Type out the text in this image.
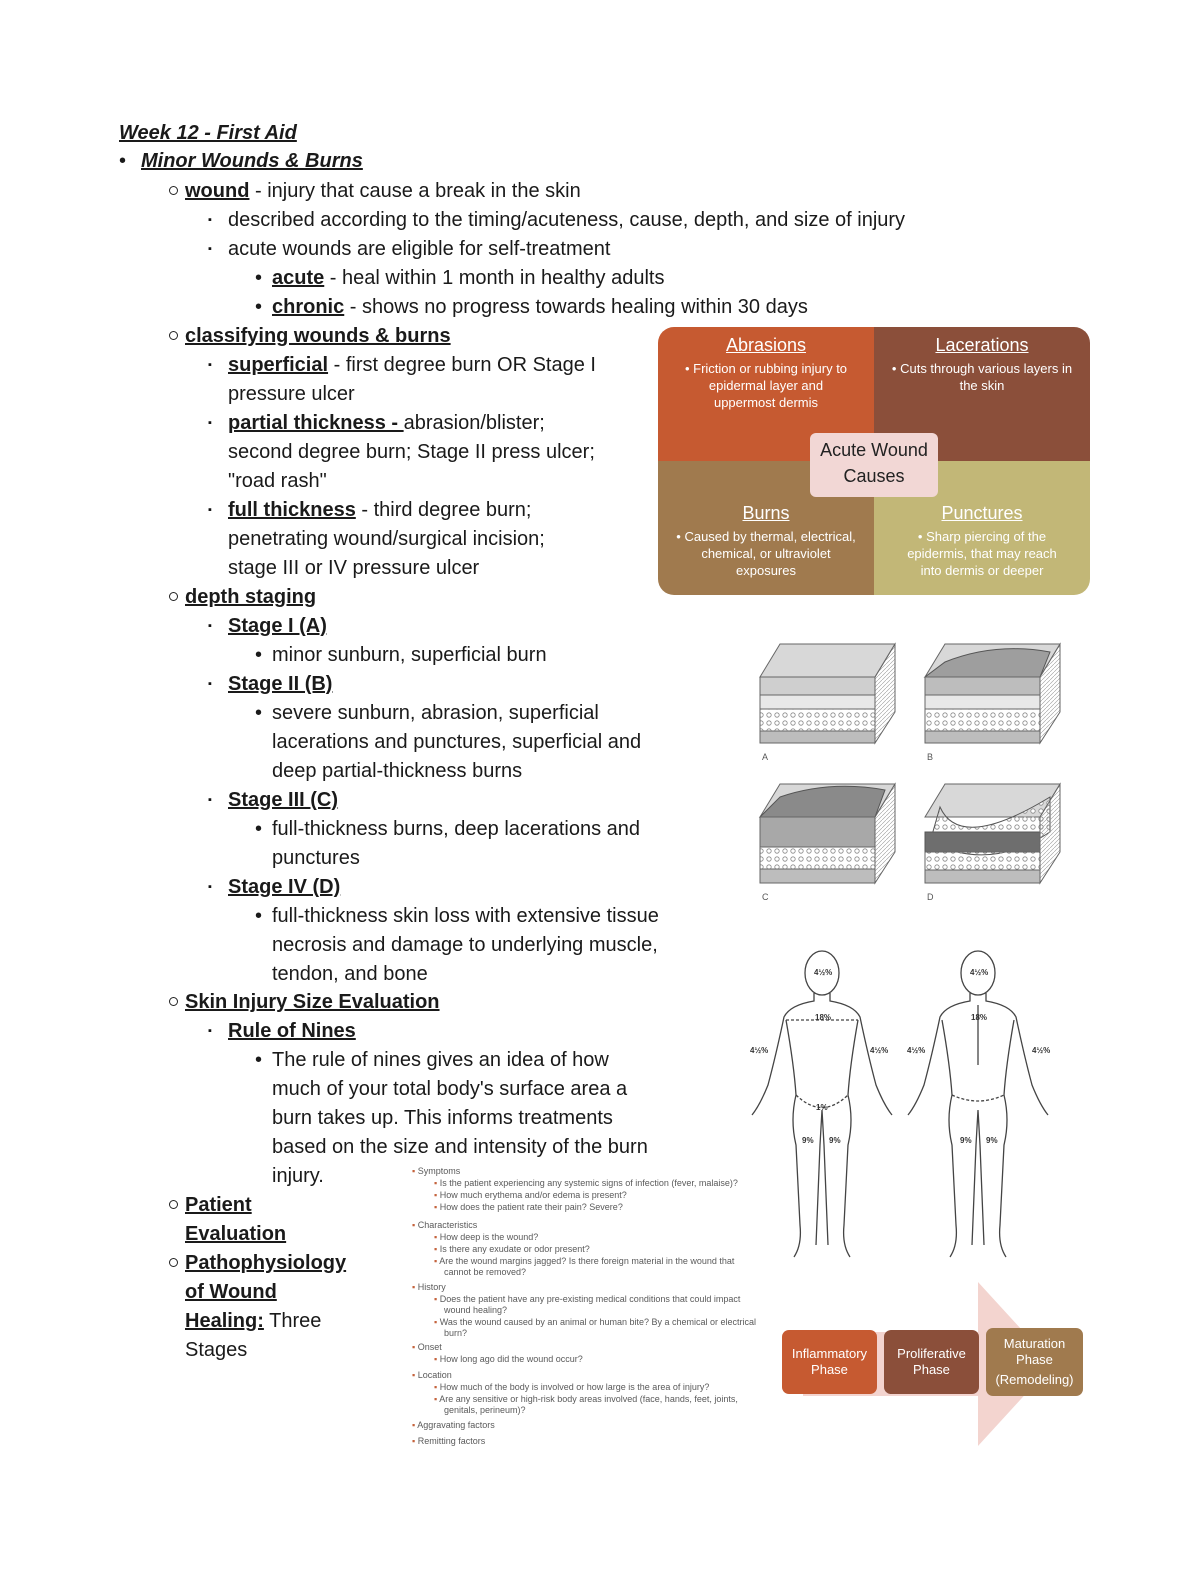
Week 12 - First Aid
• Minor Wounds & Burns
wound - injury that cause a break in the skin
▪ described according to the timing/acuteness, cause, depth, and size of injury
▪ acute wounds are eligible for self-treatment
• acute - heal within 1 month in healthy adults
• chronic - shows no progress towards healing within 30 days
classifying wounds & burns
▪ superficial - first degree burn OR Stage I
pressure ulcer
▪ partial thickness - abrasion/blister;
second degree burn; Stage II press ulcer;
"road rash"
▪ full thickness - third degree burn;
penetrating wound/surgical incision;
stage III or IV pressure ulcer
depth staging
▪ Stage I (A)
• minor sunburn, superficial burn
▪ Stage II (B)
• severe sunburn, abrasion, superficial
lacerations and punctures, superficial and
deep partial-thickness burns
▪ Stage III (C)
• full-thickness burns, deep lacerations and
punctures
▪ Stage IV (D)
• full-thickness skin loss with extensive tissue
necrosis and damage to underlying muscle,
tendon, and bone
Skin Injury Size Evaluation
▪ Rule of Nines
• The rule of nines gives an idea of how
much of your total body's surface area a
burn takes up. This informs treatments
based on the size and intensity of the burn
injury.
Patient
Evaluation
Pathophysiology
of Wound
Healing: Three
Stages
Abrasions
• Friction or rubbing injury to
epidermal layer and
uppermost dermis
Lacerations
• Cuts through various layers in
the skin
Burns
• Caused by thermal, electrical,
chemical, or ultraviolet
exposures
Punctures
• Sharp piercing of the
epidermis, that may reach
into dermis or deeper
Acute Wound
Causes
A	B
C	D
4½%	4½%
18%	18%
4½%	4½% 4½%	4½%
1%
9% 9%	9% 9%
▪ Symptoms
▪ Is the patient experiencing any systemic signs of infection (fever, malaise)?
▪ How much erythema and/or edema is present?
▪ How does the patient rate their pain? Severe?
▪ Characteristics
▪ How deep is the wound?
▪ Is there any exudate or odor present?
▪ Are the wound margins jagged? Is there foreign material in the wound that
cannot be removed?
▪ History
▪ Does the patient have any pre-existing medical conditions that could impact
wound healing?
▪ Was the wound caused by an animal or human bite? By a chemical or electrical
burn?
▪ Onset
▪ How long ago did the wound occur?
▪ Location
▪ How much of the body is involved or how large is the area of injury?
▪ Are any sensitive or high-risk body areas involved (face, hands, feet, joints,
genitals, perineum)?
▪ Aggravating factors
▪ Remitting factors
Inflammatory
Phase
Proliferative
Phase
Maturation
Phase
(Remodeling)
